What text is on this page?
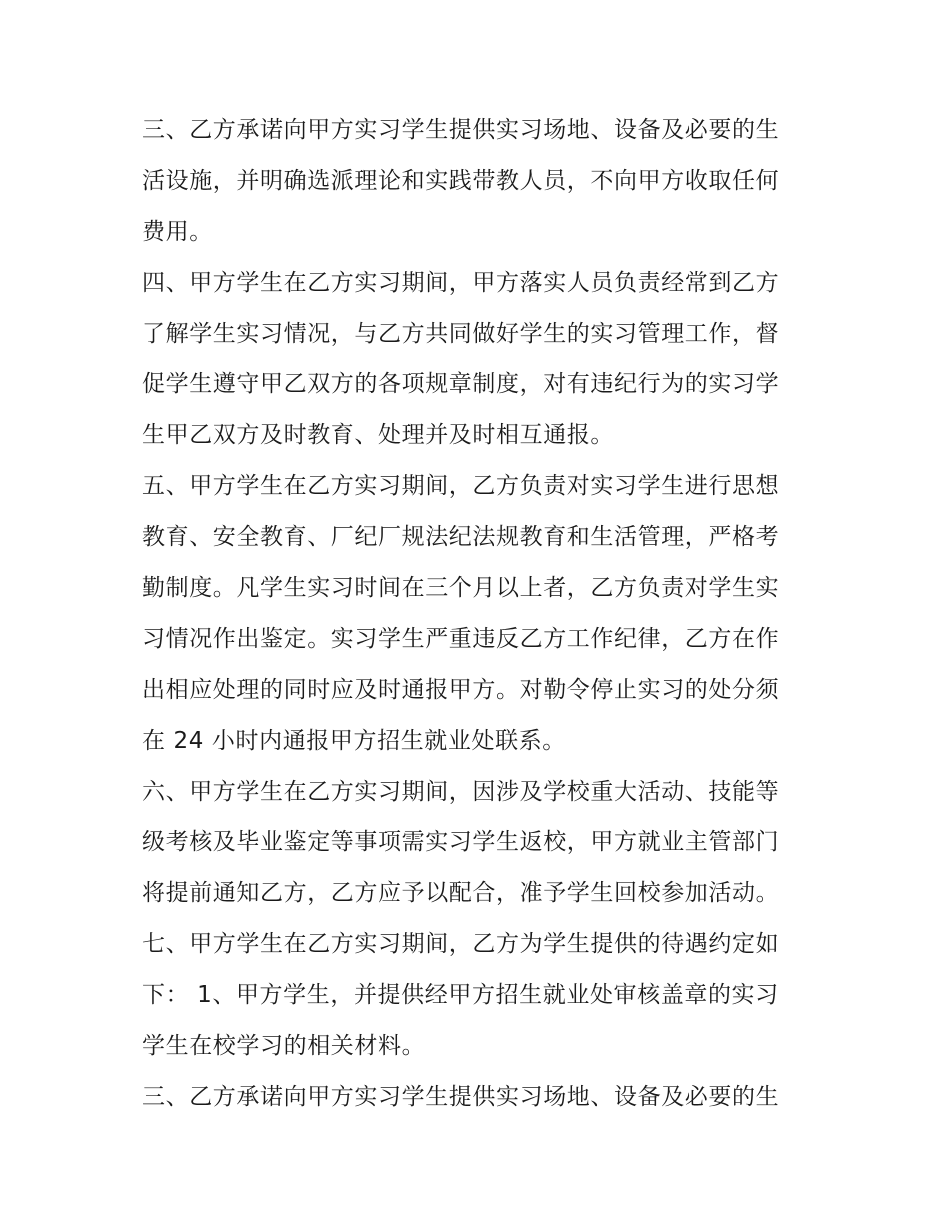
三、乙方承诺向甲方实习学生提供实习场地、设备及必要的生
活设施，并明确选派理论和实践带教人员，不向甲方收取任何
费用。

四、甲方学生在乙方实习期间，甲方落实人员负责经常到乙方
了解学生实习情况，与乙方共同做好学生的实习管理工作，督
促学生遵守甲乙双方的各项规章制度，对有违纪行为的实习学
生甲乙双方及时教育、处理并及时相互通报。

五、甲方学生在乙方实习期间，乙方负责对实习学生进行思想
教育、安全教育、厂纪厂规法纪法规教育和生活管理，严格考
勤制度。凡学生实习时间在三个月以上者，乙方负责对学生实
习情况作出鉴定。实习学生严重违反乙方工作纪律，乙方在作
出相应处理的同时应及时通报甲方。对勒令停止实习的处分须
在 24 小时内通报甲方招生就业处联系。

六、甲方学生在乙方实习期间，因涉及学校重大活动、技能等
级考核及毕业鉴定等事项需实习学生返校，甲方就业主管部门
将提前通知乙方，乙方应予以配合，准予学生回校参加活动。

七、甲方学生在乙方实习期间，乙方为学生提供的待遇约定如
下： 1、甲方学生，并提供经甲方招生就业处审核盖章的实习
学生在校学习的相关材料。

三、乙方承诺向甲方实习学生提供实习场地、设备及必要的生
